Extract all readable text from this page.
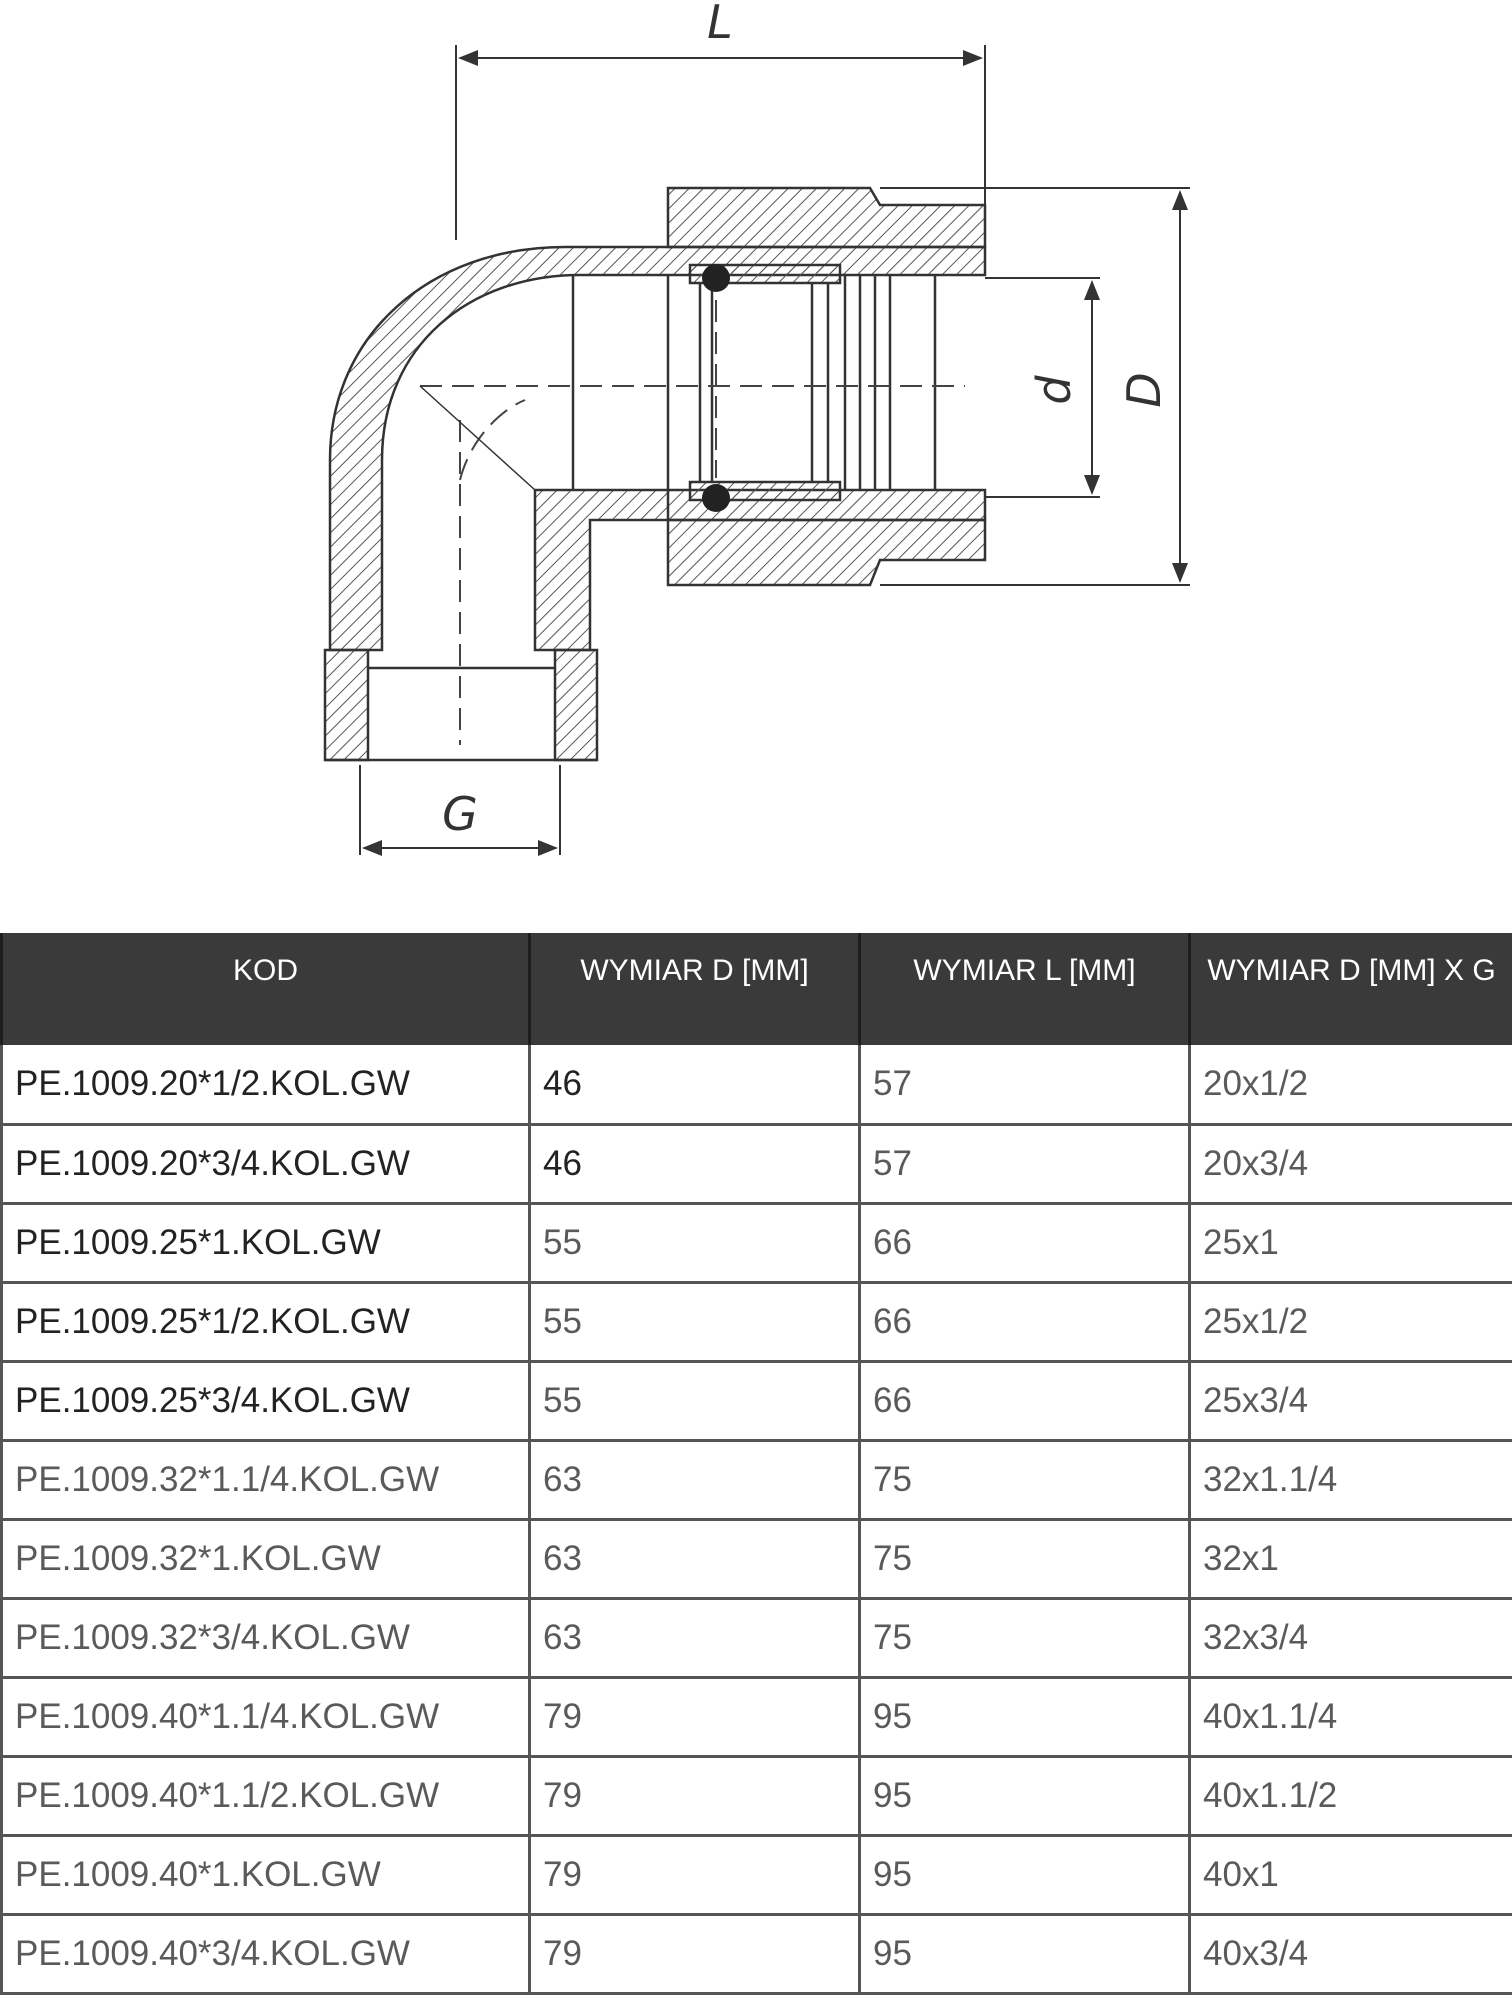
L
d D
G
KOD	WYMIAR D [MM]	WYMIAR L [MM]	WYMIAR D [MM] X G
PE.1009.20*1/2.KOL.GW	46	57	20x1/2
PE.1009.20*3/4.KOL.GW	46	57	20x3/4
PE.1009.25*1.KOL.GW	55	66	25x1
PE.1009.25*1/2.KOL.GW	55	66	25x1/2
PE.1009.25*3/4.KOL.GW	55	66	25x3/4
PE.1009.32*1.1/4.KOL.GW	63	75	32x1.1/4
PE.1009.32*1.KOL.GW	63	75	32x1
PE.1009.32*3/4.KOL.GW	63	75	32x3/4
PE.1009.40*1.1/4.KOL.GW	79	95	40x1.1/4
PE.1009.40*1.1/2.KOL.GW	79	95	40x1.1/2
PE.1009.40*1.KOL.GW	79	95	40x1
PE.1009.40*3/4.KOL.GW	79	95	40x3/4
